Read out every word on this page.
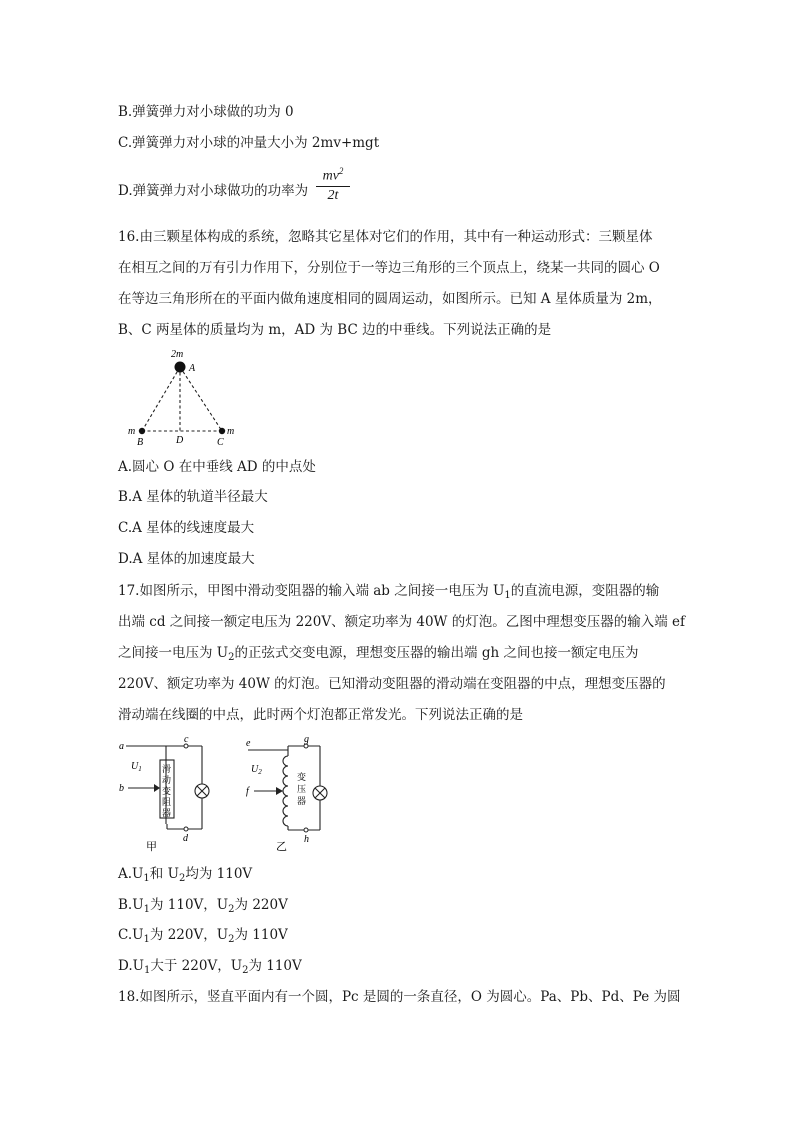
B.弹簧弹力对小球做的功为 0
C.弹簧弹力对小球的冲量大小为 2mv+mgt
D.弹簧弹力对小球做功的功率为 $\frac{mv^2}{2t}$
16.由三颗星体构成的系统，忽略其它星体对它们的作用，其中有一种运动形式：三颗星体
在相互之间的万有引力作用下，分别位于一等边三角形的三个顶点上，绕某一共同的圆心 O
在等边三角形所在的平面内做角速度相同的圆周运动，如图所示。已知 A 星体质量为 2m，
B、C 两星体的质量均为 m，AD 为 BC 边的中垂线。下列说法正确的是
2m
A
m
B	D
m
C
A.圆心 O 在中垂线 AD 的中点处
B.A 星体的轨道半径最大
C.A 星体的线速度最大
D.A 星体的加速度最大
17.如图所示，甲图中滑动变阻器的输入端 ab 之间接一电压为 $U_1$的直流电源，变阻器的输
出端 cd 之间接一额定电压为 220V、额定功率为 40W 的灯泡。乙图中理想变压器的输入端 ef
之间接一电压为 $U_2$的正弦式交变电源，理想变压器的输出端 gh 之间也接一额定电压为
220V、额定功率为 40W 的灯泡。已知滑动变阻器的滑动端在变阻器的中点，理想变压器的
滑动端在线圈的中点，此时两个灯泡都正常发光。下列说法正确的是
a
c
$U_1$
b
d
滑
动
变
阻
器
甲
e	g
$U_2$
f
h
变
压
器
乙
$A.U_1$和 $U_2$均为 110V
$B.U_1$为 110V，$U_2$为 220V
$C.U_1$为 220V，$U_2$为 110V
$D.U_1$大于 220V，$U_2$为 110V
18.如图所示，竖直平面内有一个圆，Pc 是圆的一条直径，O 为圆心。Pa、Pb、Pd、Pe 为圆
